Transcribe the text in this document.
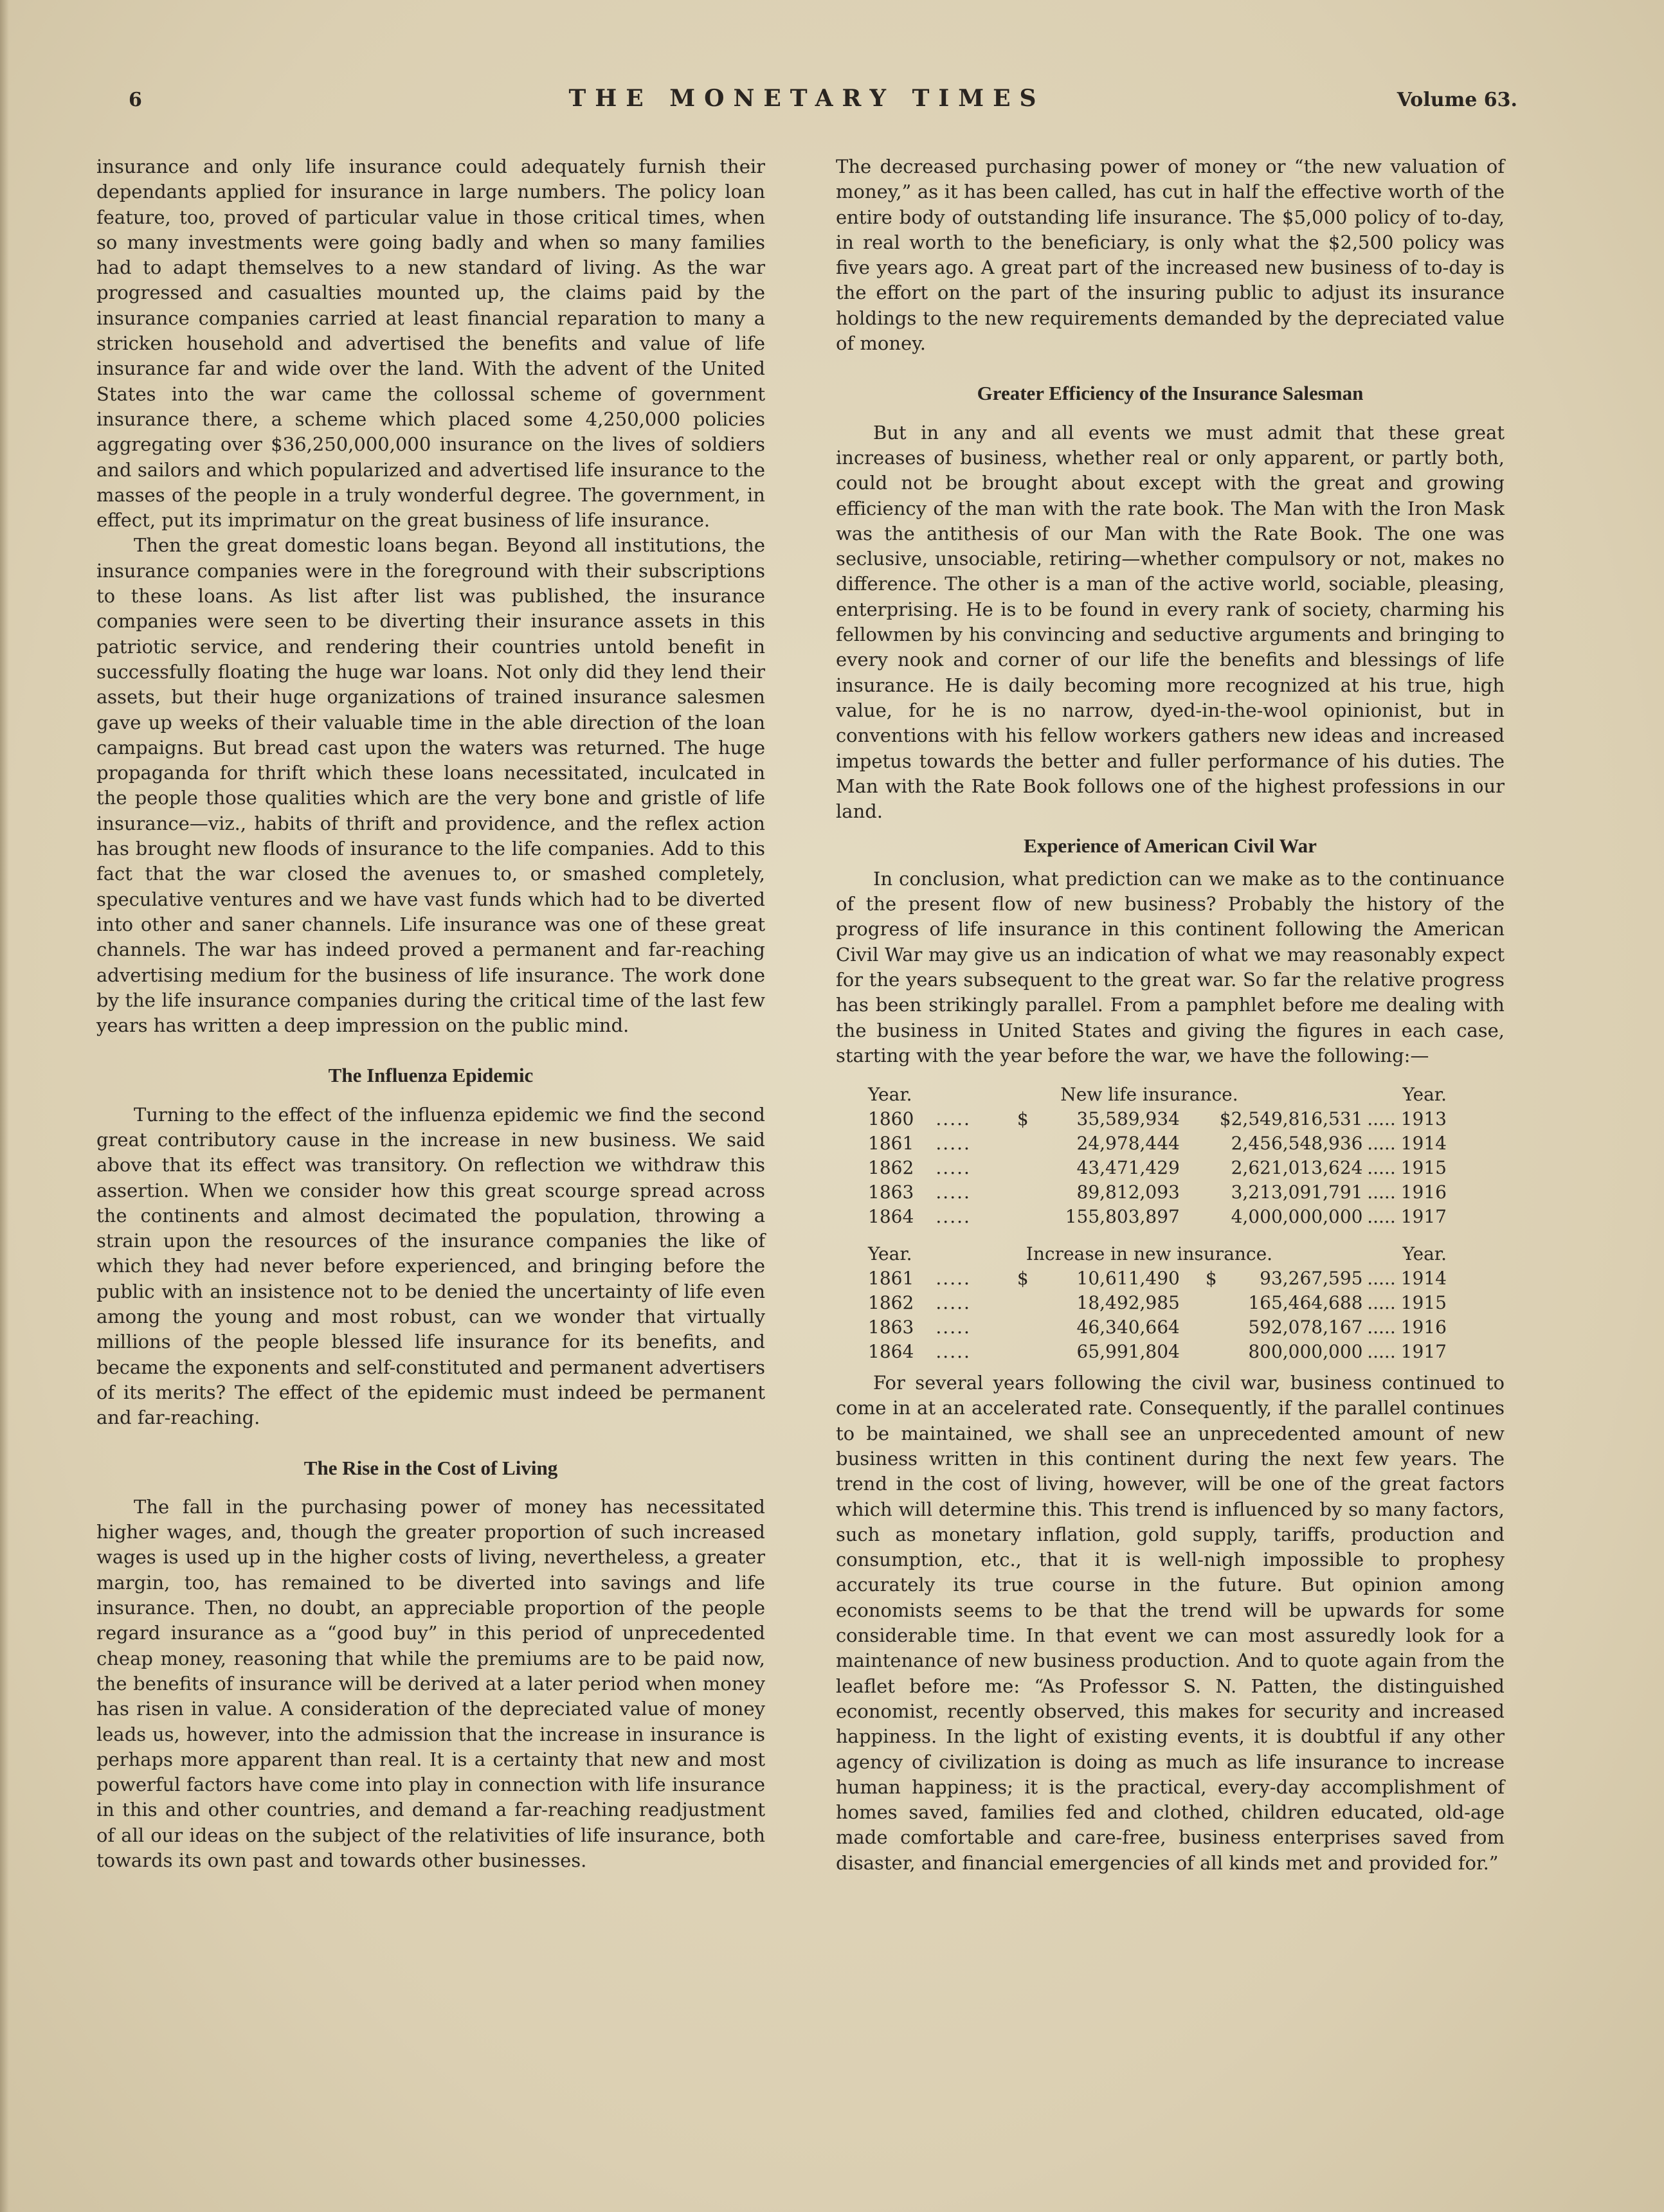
6	THE MONETARY TIMES	Volume 63.

insurance and only life insurance could adequately furnish their dependants applied for insurance in large numbers. The policy loan feature, too, proved of particular value in those critical times, when so many investments were going badly and when so many families had to adapt themselves to a new standard of living. As the war progressed and casualties mounted up, the claims paid by the insurance companies carried at least financial reparation to many a stricken household and advertised the benefits and value of life insurance far and wide over the land. With the advent of the United States into the war came the collossal scheme of government insurance there, a scheme which placed some 4,250,000 policies aggregating over $36,250,000,000 insurance on the lives of soldiers and sailors and which popularized and advertised life insurance to the masses of the people in a truly wonderful degree. The government, in effect, put its imprimatur on the great business of life insurance.

Then the great domestic loans began. Beyond all institutions, the insurance companies were in the foreground with their subscriptions to these loans. As list after list was published, the insurance companies were seen to be diverting their insurance assets in this patriotic service, and rendering their countries untold benefit in successfully floating the huge war loans. Not only did they lend their assets, but their huge organizations of trained insurance salesmen gave up weeks of their valuable time in the able direction of the loan campaigns. But bread cast upon the waters was returned. The huge propaganda for thrift which these loans necessitated, inculcated in the people those qualities which are the very bone and gristle of life insurance—viz., habits of thrift and providence, and the reflex action has brought new floods of insurance to the life companies. Add to this fact that the war closed the avenues to, or smashed completely, speculative ventures and we have vast funds which had to be diverted into other and saner channels. Life insurance was one of these great channels. The war has indeed proved a permanent and far-reaching advertising medium for the business of life insurance. The work done by the life insurance companies during the critical time of the last few years has written a deep impression on the public mind.

The Influenza Epidemic

Turning to the effect of the influenza epidemic we find the second great contributory cause in the increase in new business. We said above that its effect was transitory. On reflection we withdraw this assertion. When we consider how this great scourge spread across the continents and almost decimated the population, throwing a strain upon the resources of the insurance companies the like of which they had never before experienced, and bringing before the public with an insistence not to be denied the uncertainty of life even among the young and most robust, can we wonder that virtually millions of the people blessed life insurance for its benefits, and became the exponents and self-constituted and permanent advertisers of its merits? The effect of the epidemic must indeed be permanent and far-reaching.

The Rise in the Cost of Living

The fall in the purchasing power of money has necessitated higher wages, and, though the greater proportion of such increased wages is used up in the higher costs of living, nevertheless, a greater margin, too, has remained to be diverted into savings and life insurance. Then, no doubt, an appreciable proportion of the people regard insurance as a “good buy” in this period of unprecedented cheap money, reasoning that while the premiums are to be paid now, the benefits of insurance will be derived at a later period when money has risen in value. A consideration of the depreciated value of money leads us, however, into the admission that the increase in insurance is perhaps more apparent than real. It is a certainty that new and most powerful factors have come into play in connection with life insurance in this and other countries, and demand a far-reaching readjustment of all our ideas on the subject of the relativities of life insurance, both towards its own past and towards other businesses.

The decreased purchasing power of money or “the new valuation of money,” as it has been called, has cut in half the effective worth of the entire body of outstanding life insurance. The $5,000 policy of to-day, in real worth to the beneficiary, is only what the $2,500 policy was five years ago. A great part of the increased new business of to-day is the effort on the part of the insuring public to adjust its insurance holdings to the new requirements demanded by the depreciated value of money.

Greater Efficiency of the Insurance Salesman

But in any and all events we must admit that these great increases of business, whether real or only apparent, or partly both, could not be brought about except with the great and growing efficiency of the man with the rate book. The Man with the Iron Mask was the antithesis of our Man with the Rate Book. The one was seclusive, unsociable, retiring—whether compulsory or not, makes no difference. The other is a man of the active world, sociable, pleasing, enterprising. He is to be found in every rank of society, charming his fellowmen by his convincing and seductive arguments and bringing to every nook and corner of our life the benefits and blessings of life insurance. He is daily becoming more recognized at his true, high value, for he is no narrow, dyed-in-the-wool opinionist, but in conventions with his fellow workers gathers new ideas and increased impetus towards the better and fuller performance of his duties. The Man with the Rate Book follows one of the highest professions in our land.

Experience of American Civil War

In conclusion, what prediction can we make as to the continuance of the present flow of new business? Probably the history of the progress of life insurance in this continent following the American Civil War may give us an indication of what we may reasonably expect for the years subsequent to the great war. So far the relative progress has been strikingly parallel. From a pamphlet before me dealing with the business in United States and giving the figures in each case, starting with the year before the war, we have the following:—

Year.	New life insurance.				Year.
1860	.....	$	35,589,934	$2,549,816,531	..... 1913
1861	.....		24,978,444	2,456,548,936	..... 1914
1862	.....		43,471,429	2,621,013,624	..... 1915
1863	.....		89,812,093	3,213,091,791	..... 1916
1864	.....		155,803,897	4,000,000,000	..... 1917

Year.	Increase in new insurance.				Year.
1861	.....	$	10,611,490	$ 93,267,595	..... 1914
1862	.....		18,492,985	165,464,688	..... 1915
1863	.....		46,340,664	592,078,167	..... 1916
1864	.....		65,991,804	800,000,000	..... 1917

For several years following the civil war, business continued to come in at an accelerated rate. Consequently, if the parallel continues to be maintained, we shall see an unprecedented amount of new business written in this continent during the next few years. The trend in the cost of living, however, will be one of the great factors which will determine this. This trend is influenced by so many factors, such as monetary inflation, gold supply, tariffs, production and consumption, etc., that it is well-nigh impossible to prophesy accurately its true course in the future. But opinion among economists seems to be that the trend will be upwards for some considerable time. In that event we can most assuredly look for a maintenance of new business production. And to quote again from the leaflet before me: “As Professor S. N. Patten, the distinguished economist, recently observed, this makes for security and increased happiness. In the light of existing events, it is doubtful if any other agency of civilization is doing as much as life insurance to increase human happiness; it is the practical, every-day accomplishment of homes saved, families fed and clothed, children educated, old-age made comfortable and care-free, business enterprises saved from disaster, and financial emergencies of all kinds met and provided for.”
